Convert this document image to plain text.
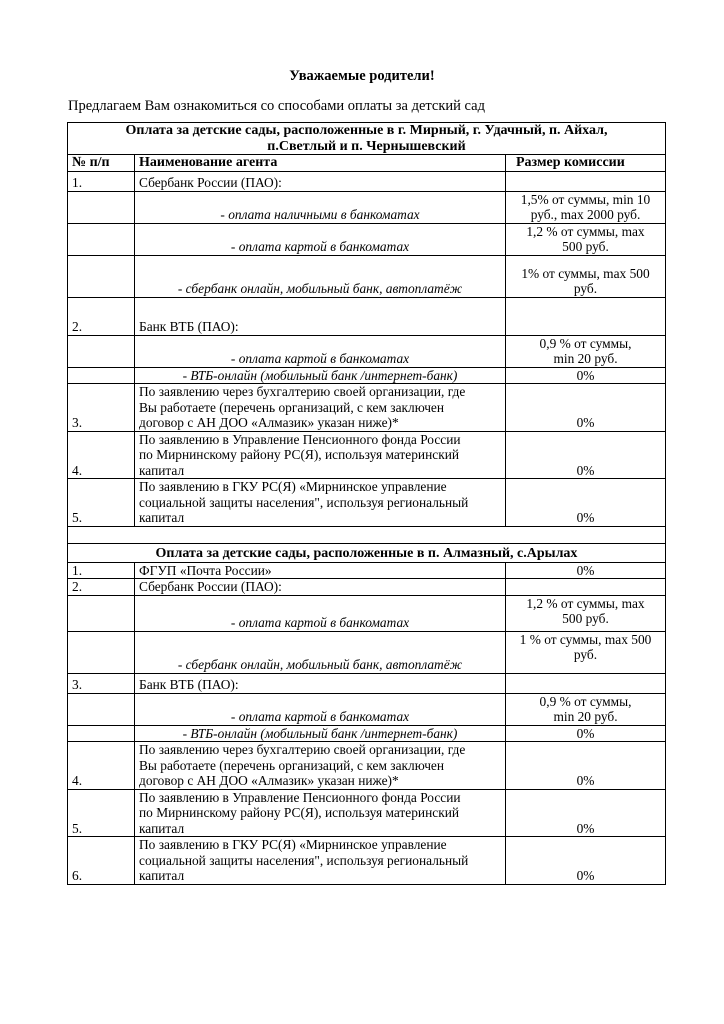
Уважаемые родители!
Предлагаем Вам ознакомиться со способами оплаты за детский сад
Оплата за детские сады, расположенные в г. Мирный, г. Удачный, п. Айхал,
п.Светлый и п. Чернышевский		
№ п/п	Наименование агента	Размер комиссии
1.	Сбербанк России (ПАО):	
	- оплата наличными в банкоматах	1,5% от суммы, min 10
руб., max 2000 руб.
	- оплата картой в банкоматах	1,2 % от суммы, max
500 руб.
	- сбербанк онлайн, мобильный банк, автоплатёж	1% от суммы, max 500
руб.
2.	Банк ВТБ (ПАО):	
	- оплата картой в банкоматах	0,9 % от суммы,
min 20 руб.
	- ВТБ-онлайн (мобильный банк /интернет-банк)	0%
3.	По заявлению через бухгалтерию своей организации, где
Вы работаете (перечень организаций, с кем заключен
договор с АН ДОО «Алмазик» указан ниже)*	0%
4.	По заявлению в Управление Пенсионного фонда России
по Мирнинскому району РС(Я), используя материнский
капитал	0%
5.	По заявлению в ГКУ РС(Я) «Мирнинское управление
социальной защиты населения", используя региональный
капитал	0%

Оплата за детские сады, расположенные в п. Алмазный, с.Арылах		
1.	ФГУП «Почта России»	0%
2.	Сбербанк России (ПАО):	
	- оплата картой в банкоматах	1,2 % от суммы, max
500 руб.
	- сбербанк онлайн, мобильный банк, автоплатёж	1 % от суммы, max 500
руб.
3.	Банк ВТБ (ПАО):	
	- оплата картой в банкоматах	0,9 % от суммы,
min 20 руб.
	- ВТБ-онлайн (мобильный банк /интернет-банк)	0%
4.	По заявлению через бухгалтерию своей организации, где
Вы работаете (перечень организаций, с кем заключен
договор с АН ДОО «Алмазик» указан ниже)*	0%
5.	По заявлению в Управление Пенсионного фонда России
по Мирнинскому району РС(Я), используя материнский
капитал	0%
6.	По заявлению в ГКУ РС(Я) «Мирнинское управление
социальной защиты населения", используя региональный
капитал	0%
